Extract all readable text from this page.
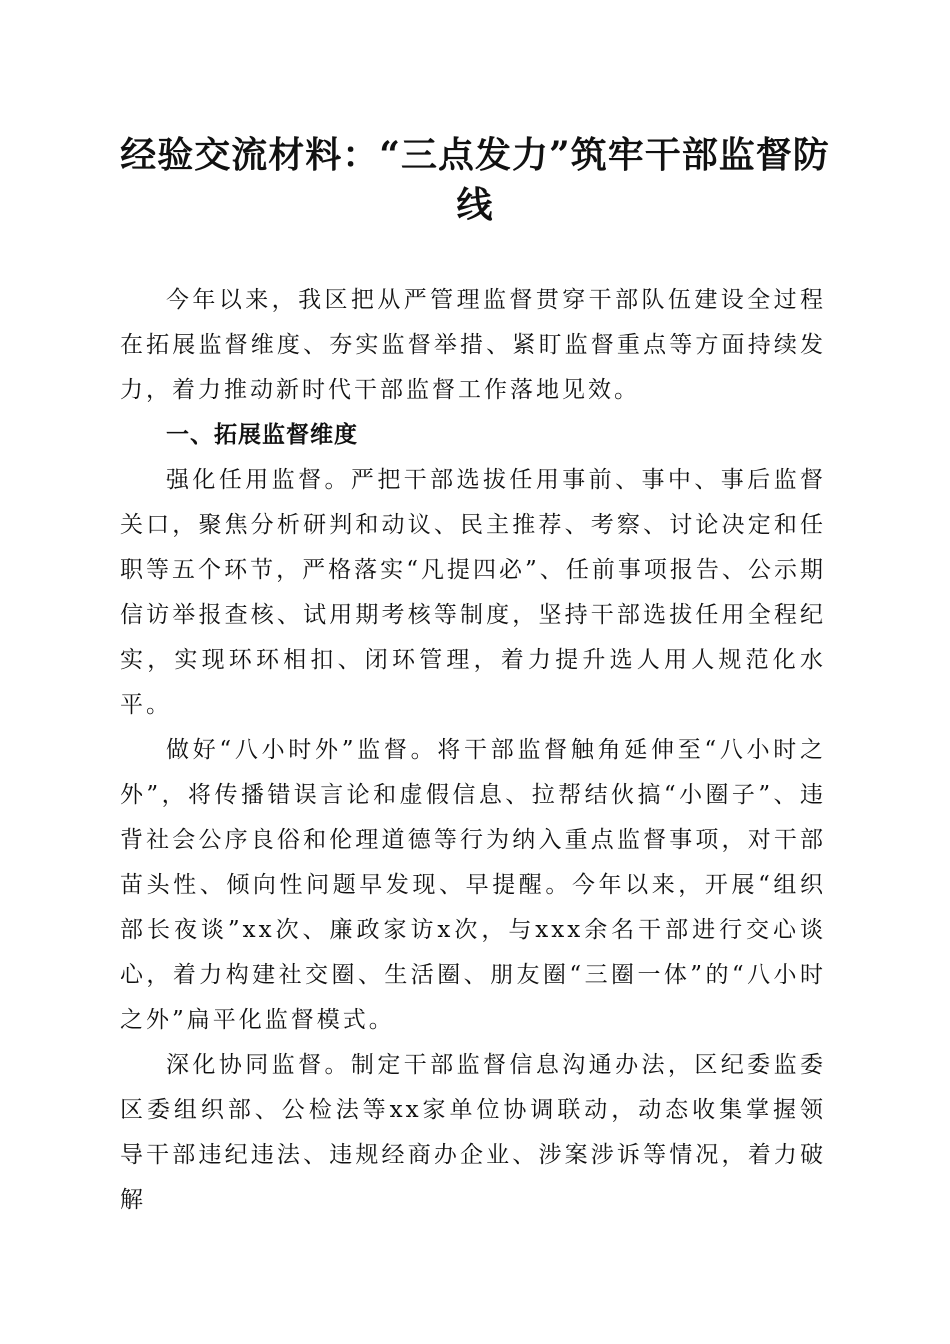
经验交流材料：“三点发力”筑牢干部监督防线

今年以来，我区把从严管理监督贯穿干部队伍建设全过程在拓展监督维度、夯实监督举措、紧盯监督重点等方面持续发力，着力推动新时代干部监督工作落地见效。

一、拓展监督维度

强化任用监督。严把干部选拔任用事前、事中、事后监督关口，聚焦分析研判和动议、民主推荐、考察、讨论决定和任职等五个环节，严格落实“凡提四必”、任前事项报告、公示期信访举报查核、试用期考核等制度，坚持干部选拔任用全程纪实，实现环环相扣、闭环管理，着力提升选人用人规范化水平。

做好“八小时外”监督。将干部监督触角延伸至“八小时之外”，将传播错误言论和虚假信息、拉帮结伙搞“小圈子”、违背社会公序良俗和伦理道德等行为纳入重点监督事项，对干部苗头性、倾向性问题早发现、早提醒。今年以来，开展“组织部长夜谈”xx次、廉政家访x次，与xxx余名干部进行交心谈心，着力构建社交圈、生活圈、朋友圈“三圈一体”的“八小时之外”扁平化监督模式。

深化协同监督。制定干部监督信息沟通办法，区纪委监委区委组织部、公检法等xx家单位协调联动，动态收集掌握领导干部违纪违法、违规经商办企业、涉案涉诉等情况，着力破解
